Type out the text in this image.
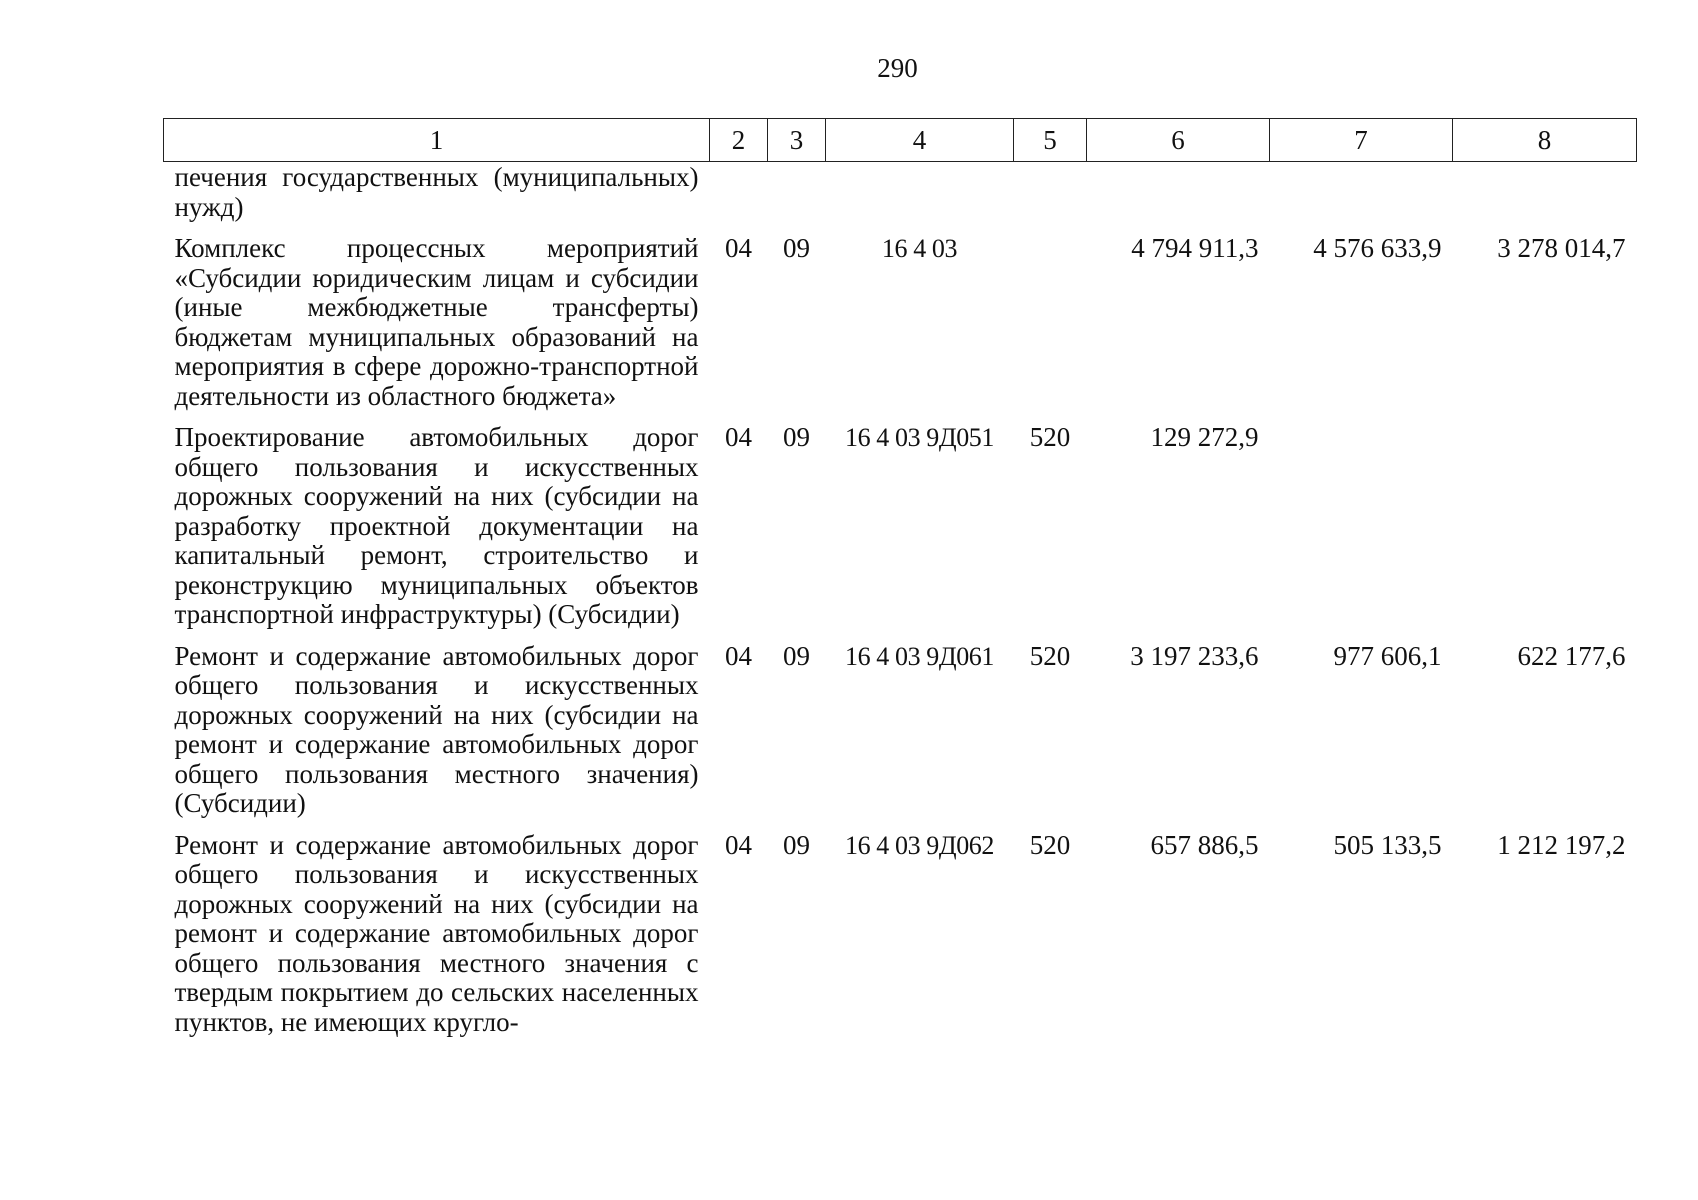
290
1	2	3	4	5	6	7	8
печения государственных (муниципальных) нужд)							
Комплекс процессных мероприятий «Субсидии юридическим лицам и субсидии (иные межбюджетные трансферты) бюджетам муниципальных образований на мероприятия в сфере дорожно-транспортной деятельности из областного бюджета»	04	09	16 4 03		4 794 911,3	4 576 633,9	3 278 014,7
Проектирование автомобильных дорог общего пользования и искусственных дорожных сооружений на них (субсидии на разработку проектной документации на капитальный ремонт, строительство и реконструкцию муниципальных объектов транспортной инфраструктуры) (Субсидии)	04	09	16 4 03 9Д051	520	129 272,9		
Ремонт и содержание автомобильных дорог общего пользования и искусственных дорожных сооружений на них (субсидии на ремонт и содержание автомобильных дорог общего пользования местного значения) (Субсидии)	04	09	16 4 03 9Д061	520	3 197 233,6	977 606,1	622 177,6
Ремонт и содержание автомобильных дорог общего пользования и искусственных дорожных сооружений на них (субсидии на ремонт и содержание автомобильных дорог общего пользования местного значения с твердым покрытием до сельских населенных пунктов, не имеющих кругло-	04	09	16 4 03 9Д062	520	657 886,5	505 133,5	1 212 197,2
